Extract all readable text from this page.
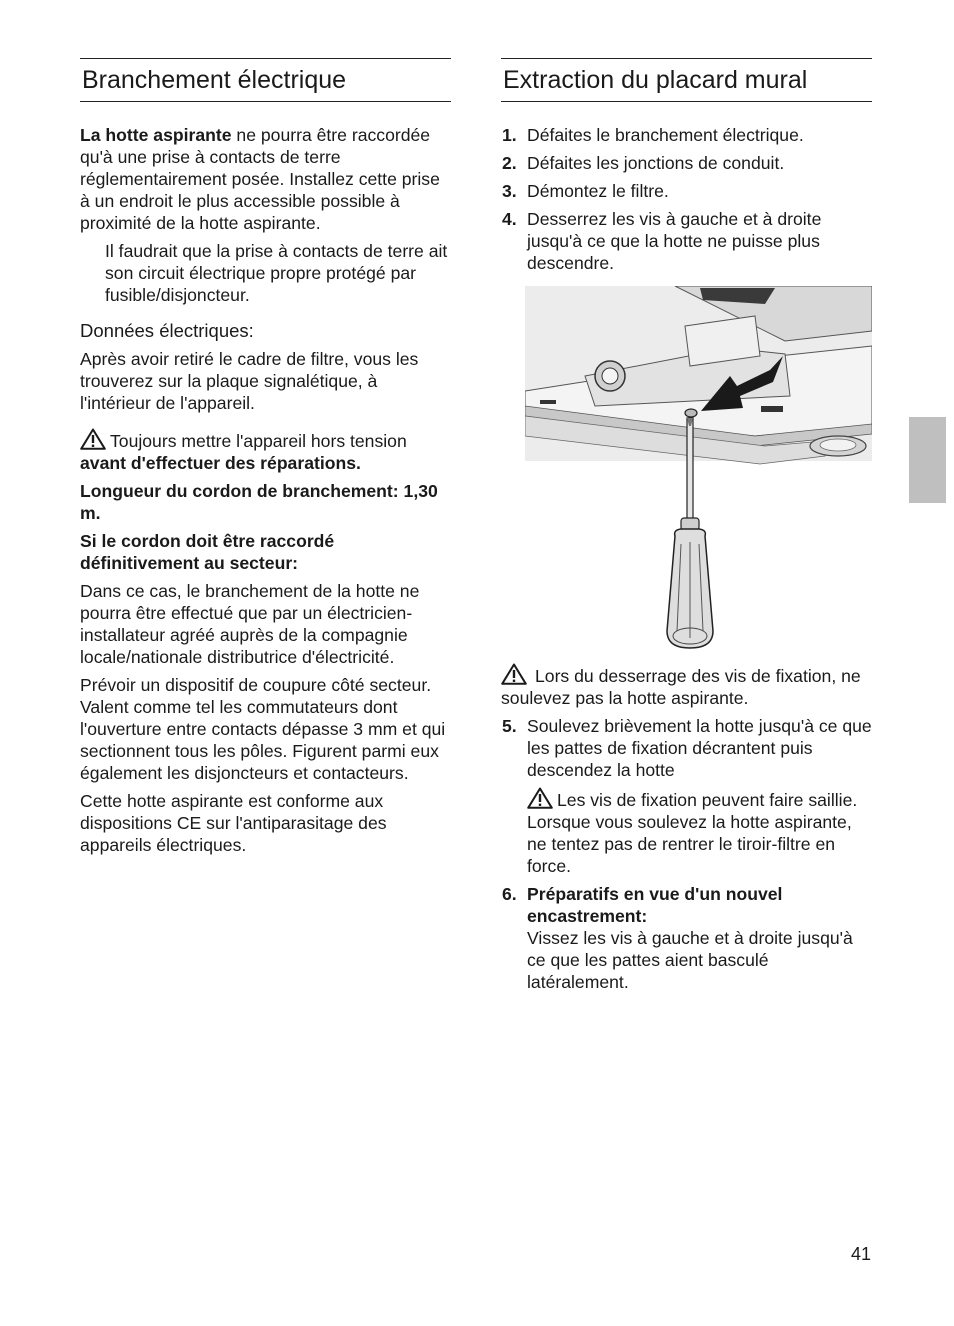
Branchement électrique

La hotte aspirante ne pourra être raccordée qu'à une prise à contacts de terre réglementairement posée. Installez cette prise à un endroit le plus accessible possible à proximité de la hotte aspirante.

Il faudrait que la prise à contacts de terre ait son circuit électrique propre protégé par fusible/disjoncteur.

Données électriques:

Après avoir retiré le cadre de filtre, vous les trouverez sur la plaque signalétique, à l'intérieur de l'appareil.

Toujours mettre l'appareil hors tension
avant d'effectuer des réparations.

Longueur du cordon de branchement: 1,30 m.

Si le cordon doit être raccordé définitivement au secteur:

Dans ce cas, le branchement de la hotte ne pourra être effectué que par un électricien-installateur agréé auprès de la compagnie locale/nationale distributrice d'électricité.

Prévoir un dispositif de coupure côté secteur. Valent comme tel les commutateurs dont l'ouverture entre contacts dépasse 3 mm et qui sectionnent tous les pôles. Figurent parmi eux également les disjoncteurs et contacteurs.

Cette hotte aspirante est conforme aux dispositions CE sur l'antiparasitage des appareils électriques.

Extraction du placard mural
1. Défaites le branchement électrique.
2. Défaites les jonctions de conduit.
3. Démontez le filtre.
4. Desserrez les vis à gauche et à droite jusqu'à ce que la hotte ne puisse plus descendre.

Lors du desserrage des vis de fixation, ne soulevez pas la hotte aspirante.

5. Soulevez brièvement la hotte jusqu'à ce que les pattes de fixation décrantent puis descendez la hotte
Les vis de fixation peuvent faire saillie. Lorsque vous soulevez la hotte aspirante, ne tentez pas de rentrer le tiroir-filtre en force.
6. Préparatifs en vue d'un nouvel encastrement:
Vissez les vis à gauche et à droite jusqu'à ce que les pattes aient basculé latéralement.
41
